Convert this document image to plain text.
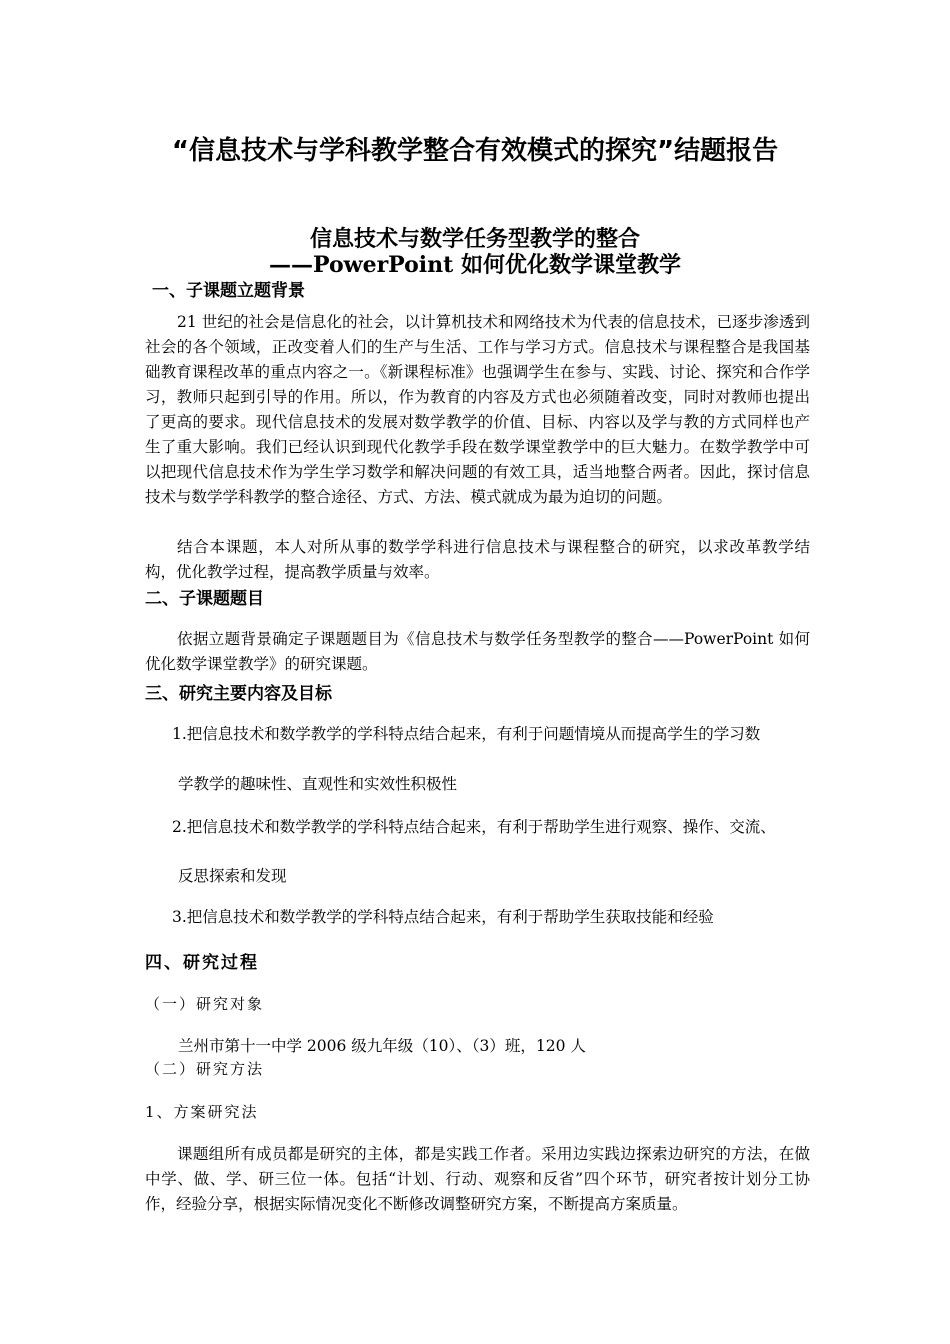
“信息技术与学科教学整合有效模式的探究”结题报告
信息技术与数学任务型教学的整合
——PowerPoint 如何优化数学课堂教学
一、子课题立题背景
21 世纪的社会是信息化的社会，以计算机技术和网络技术为代表的信息技术，已逐步渗透到社会的各个领域，正改变着人们的生产与生活、工作与学习方式。信息技术与课程整合是我国基础教育课程改革的重点内容之一。《新课程标准》也强调学生在参与、实践、讨论、探究和合作学习，教师只起到引导的作用。所以，作为教育的内容及方式也必须随着改变，同时对教师也提出了更高的要求。现代信息技术的发展对数学教学的价值、目标、内容以及学与教的方式同样也产生了重大影响。我们已经认识到现代化教学手段在数学课堂教学中的巨大魅力。在数学教学中可以把现代信息技术作为学生学习数学和解决问题的有效工具，适当地整合两者。因此，探讨信息技术与数学学科教学的整合途径、方式、方法、模式就成为最为迫切的问题。
结合本课题，本人对所从事的数学学科进行信息技术与课程整合的研究，以求改革教学结构，优化教学过程，提高教学质量与效率。
二、子课题题目
依据立题背景确定子课题题目为《信息技术与数学任务型教学的整合——PowerPoint 如何优化数学课堂教学》的研究课题。
三、研究主要内容及目标
1.把信息技术和数学教学的学科特点结合起来，有利于问题情境从而提高学生的学习数
学教学的趣味性、直观性和实效性积极性
2.把信息技术和数学教学的学科特点结合起来，有利于帮助学生进行观察、操作、交流、
反思探索和发现
3.把信息技术和数学教学的学科特点结合起来，有利于帮助学生获取技能和经验
四、研究过程
（一）研究对象
兰州市第十一中学 2006 级九年级（10）、（3）班，120 人
（二）研究方法
1、方案研究法
课题组所有成员都是研究的主体，都是实践工作者。采用边实践边探索边研究的方法，在做中学、做、学、研三位一体。包括“计划、行动、观察和反省”四个环节，研究者按计划分工协作，经验分享，根据实际情况变化不断修改调整研究方案，不断提高方案质量。
